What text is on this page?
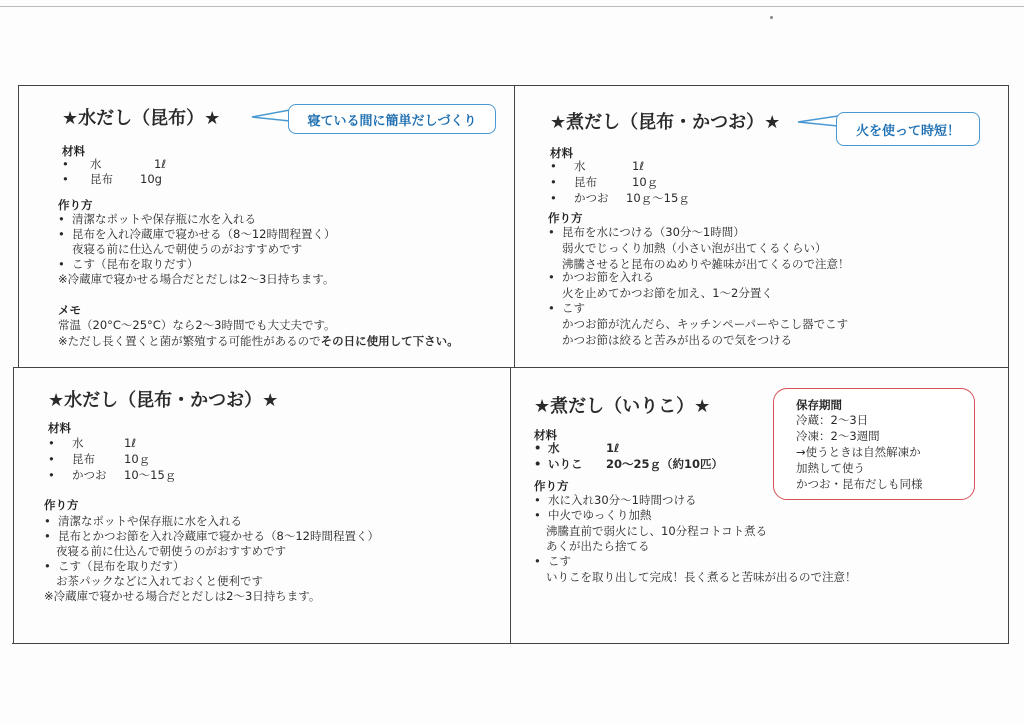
★水だし（昆布）★	寝ている間に簡単だしづくり
材料
• 水	1ℓ
• 昆布 10g
作り方
• 清潔なポットや保存瓶に水を入れる
• 昆布を入れ冷蔵庫で寝かせる（8〜12時間程置く）
夜寝る前に仕込んで朝使うのがおすすめです
• こす（昆布を取りだす）
※冷蔵庫で寝かせる場合だとだしは2〜3日持ちます。
メモ
常温（20°C〜25°C）なら2〜3時間でも大丈夫です。
※ただし長く置くと菌が繁殖する可能性があるのでその日に使用して下さい。
★煮だし（昆布・かつお）★	火を使って時短！
材料
• 水	1ℓ
• 昆布	10ｇ
• かつお 10ｇ〜15ｇ
作り方
• 昆布を水につける（30分〜1時間）
弱火でじっくり加熱（小さい泡が出てくるくらい）
沸騰させると昆布のぬめりや雑味が出てくるので注意！
• かつお節を入れる
火を止めてかつお節を加え、1〜2分置く
• こす
かつお節が沈んだら、キッチンペーパーやこし器でこす
かつお節は絞ると苦みが出るので気をつける
★水だし（昆布・かつお）★
材料
• 水	1ℓ
• 昆布	10ｇ
• かつお 10〜15ｇ
作り方
• 清潔なポットや保存瓶に水を入れる
• 昆布とかつお節を入れ冷蔵庫で寝かせる（8〜12時間程置く）
夜寝る前に仕込んで朝使うのがおすすめです
• こす（昆布を取りだす）
お茶パックなどに入れておくと便利です
※冷蔵庫で寝かせる場合だとだしは2〜3日持ちます。
★煮だし（いりこ）★
材料
• 水	1ℓ
• いりこ 20〜25ｇ（約10匹）
作り方
• 水に入れ30分〜1時間つける
• 中火でゆっくり加熱
沸騰直前で弱火にし、10分程コトコト煮る
あくが出たら捨てる
• こす
いりこを取り出して完成！長く煮ると苦味が出るので注意！
保存期間
冷蔵：2〜3日
冷凍：2〜3週間
→使うときは自然解凍か
加熱して使う
かつお・昆布だしも同様
